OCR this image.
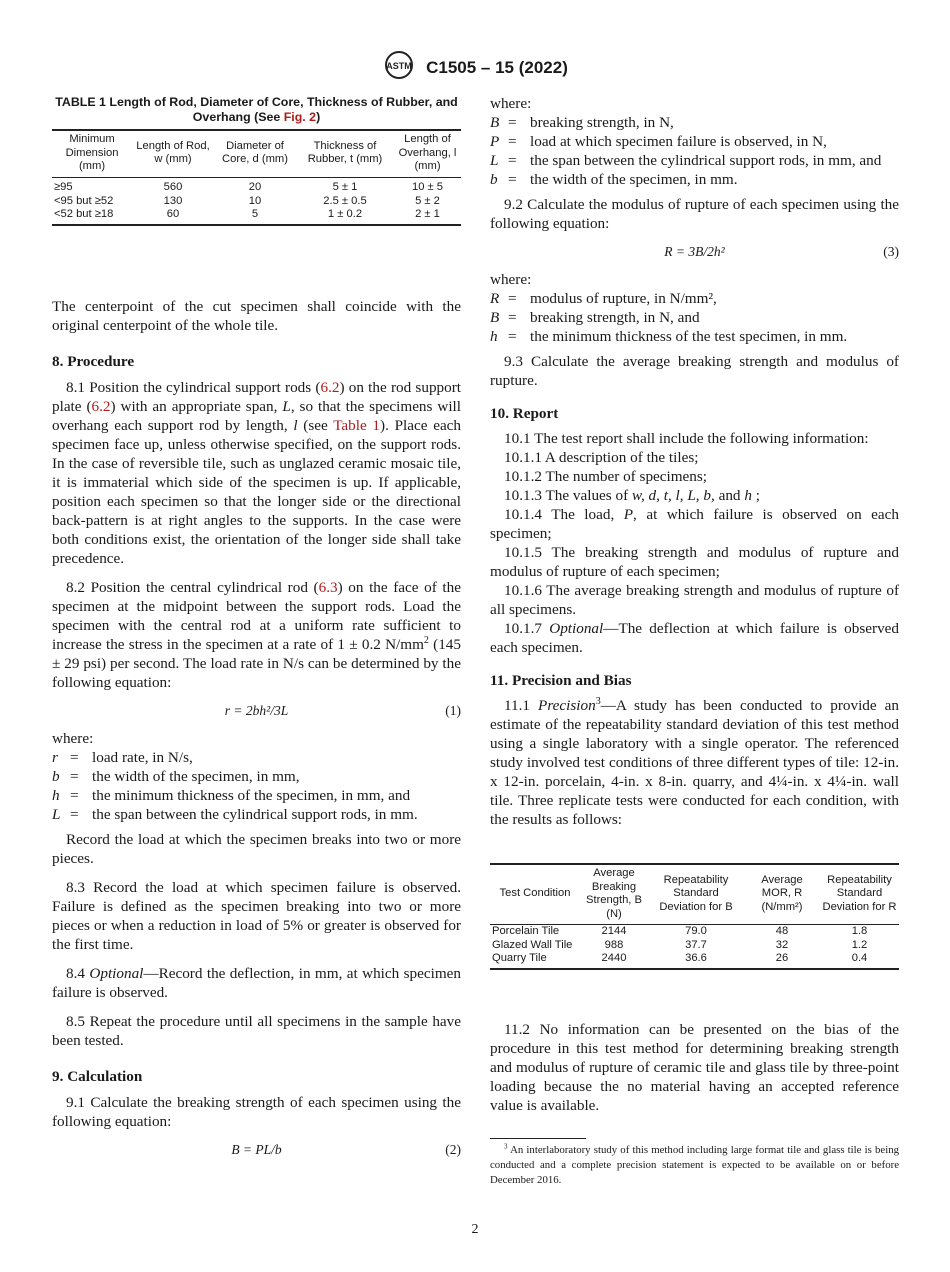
ASTM C1505 – 15 (2022)
TABLE 1 Length of Rod, Diameter of Core, Thickness of Rubber, and Overhang (See Fig. 2)
Minimum Dimension (mm)	Length of Rod, w (mm)	Diameter of Core, d (mm)	Thickness of Rubber, t (mm)	Length of Overhang, l (mm)

≥95	560	20	5 ± 1	10 ± 5
<95 but ≥52	130	10	2.5 ± 0.5	5 ± 2
<52 but ≥18	60	5	1 ± 0.2	2 ± 1

The centerpoint of the cut specimen shall coincide with the original centerpoint of the whole tile.

8. Procedure

8.1 Position the cylindrical support rods (6.2) on the rod support plate (6.2) with an appropriate span, L, so that the specimens will overhang each support rod by length, l (see Table 1). Place each specimen face up, unless otherwise specified, on the support rods. In the case of reversible tile, such as unglazed ceramic mosaic tile, it is immaterial which side of the specimen is up. If applicable, position each specimen so that the longer side or the directional back-pattern is at right angles to the supports. In the case were both conditions exist, the orientation of the longer side shall take precedence.

8.2 Position the central cylindrical rod (6.3) on the face of the specimen at the midpoint between the support rods. Load the specimen with the central rod at a uniform rate sufficient to increase the stress in the specimen at a rate of 1 ± 0.2 $N/mm^2$ (145 ± 29 psi) per second. The load rate in N/s can be determined by the following equation:

r = 2bh²/3L	(1)

where:

r = load rate, in N/s,
b = the width of the specimen, in mm,
h = the minimum thickness of the specimen, in mm, and
L = the span between the cylindrical support rods, in mm.

Record the load at which the specimen breaks into two or more pieces.

8.3 Record the load at which specimen failure is observed. Failure is defined as the specimen breaking into two or more pieces or when a reduction in load of 5% or greater is observed for the first time.

8.4 Optional—Record the deflection, in mm, at which specimen failure is observed.

8.5 Repeat the procedure until all specimens in the sample have been tested.

9. Calculation

9.1 Calculate the breaking strength of each specimen using the following equation:

B = PL/b	(2)

where:

B = breaking strength, in N,
P = load at which specimen failure is observed, in N,
L = the span between the cylindrical support rods, in mm, and
b = the width of the specimen, in mm.

9.2 Calculate the modulus of rupture of each specimen using the following equation:

R = 3B/2h²	(3)

where:

R = modulus of rupture, in N/mm²,
B = breaking strength, in N, and
h = the minimum thickness of the test specimen, in mm.

9.3 Calculate the average breaking strength and modulus of rupture.

10. Report

10.1 The test report shall include the following information:

10.1.1 A description of the tiles;

10.1.2 The number of specimens;

10.1.3 The values of w, d, t, l, L, b, and h ;

10.1.4 The load, P, at which failure is observed on each specimen;

10.1.5 The breaking strength and modulus of rupture and modulus of rupture of each specimen;

10.1.6 The average breaking strength and modulus of rupture of all specimens.

10.1.7 Optional—The deflection at which failure is observed each specimen.

11. Precision and Bias

11.1 Precision$^3$—A study has been conducted to provide an estimate of the repeatability standard deviation of this test method using a single laboratory with a single operator. The referenced study involved test conditions of three different types of tile: 12-in. x 12-in. porcelain, 4-in. x 8-in. quarry, and 4¼-in. x 4¼-in. wall tile. Three replicate tests were conducted for each condition, with the results as follows:

Test Condition	Average Breaking Strength, B (N)	Repeatability Standard Deviation for B	Average MOR, R (N/mm²)	Repeatability Standard Deviation for R
Porcelain Tile	2144	79.0	48	1.8
Glazed Wall Tile	988	37.7	32	1.2
Quarry Tile	2440	36.6	26	0.4

11.2 No information can be presented on the bias of the procedure in this test method for determining breaking strength and modulus of rupture of ceramic tile and glass tile by three-point loading because the no material having an accepted reference value is available.

$^3$ An interlaboratory study of this method including large format tile and glass tile is being conducted and a complete precision statement is expected to be available on or before December 2016.

2
